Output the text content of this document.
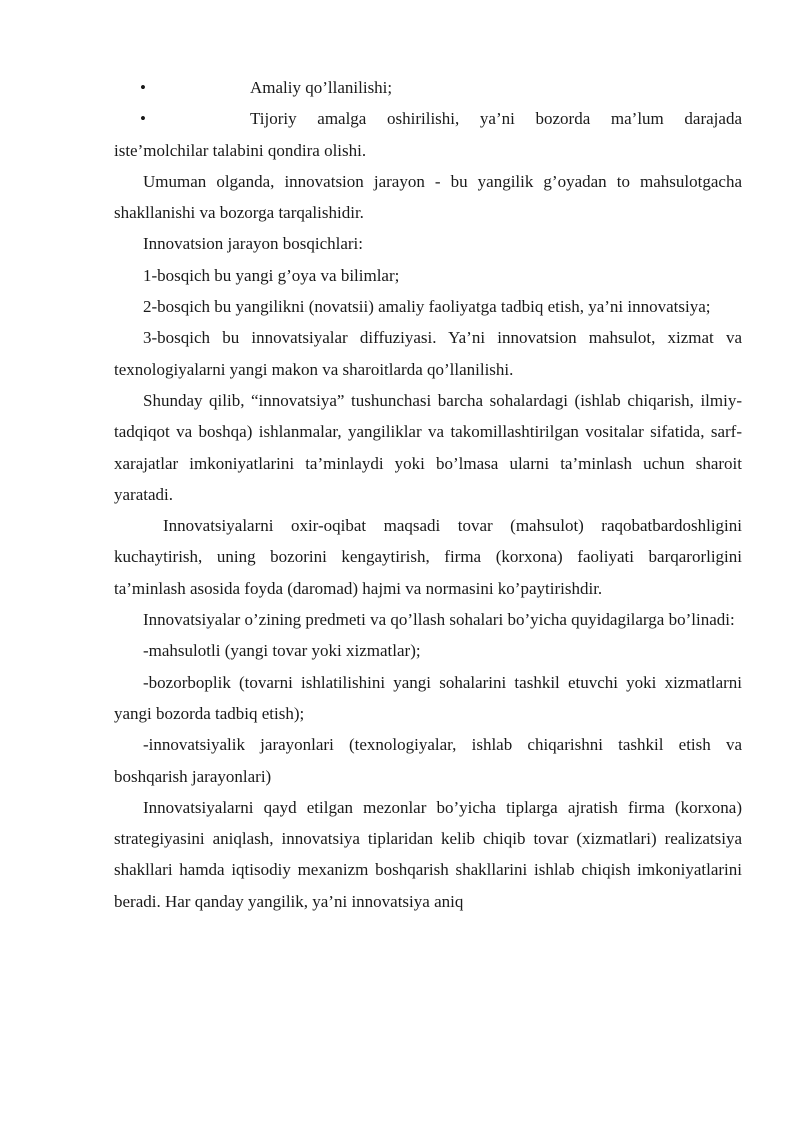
•	Amaliy qo’llanilishi;
•	Tijoriy amalga oshirilishi, ya’ni bozorda ma’lum darajada iste’molchilar talabini qondira olishi.

Umuman olganda, innovatsion jarayon - bu yangilik g’oyadan to mahsulotgacha shakllanishi va bozorga tarqalishidir.

Innovatsion jarayon bosqichlari:

1-bosqich bu yangi g’oya va bilimlar;

2-bosqich bu yangilikni (novatsii) amaliy faoliyatga tadbiq etish, ya’ni innovatsiya;

3-bosqich bu innovatsiyalar diffuziyasi. Ya’ni innovatsion mahsulot, xizmat va texnologiyalarni yangi makon va sharoitlarda qo’llanilishi.

Shunday qilib, “innovatsiya” tushunchasi barcha sohalardagi (ishlab chiqarish, ilmiy-tadqiqot va boshqa) ishlanmalar, yangiliklar va takomillashtirilgan vositalar sifatida, sarf-xarajatlar imkoniyatlarini ta’minlaydi yoki bo’lmasa ularni ta’minlash uchun sharoit yaratadi.

Innovatsiyalarni oxir-oqibat maqsadi tovar (mahsulot) raqobatbardoshligini kuchaytirish, uning bozorini kengaytirish, firma (korxona) faoliyati barqarorligini ta’minlash asosida foyda (daromad) hajmi va normasini ko’paytirishdir.

Innovatsiyalar o’zining predmeti va qo’llash sohalari bo’yicha quyidagilarga bo’linadi:

-mahsulotli (yangi tovar yoki xizmatlar);

-bozorboplik (tovarni ishlatilishini yangi sohalarini tashkil etuvchi yoki xizmatlarni yangi bozorda tadbiq etish);

-innovatsiyalik jarayonlari (texnologiyalar, ishlab chiqarishni tashkil etish va boshqarish jarayonlari)

Innovatsiyalarni qayd etilgan mezonlar bo’yicha tiplarga ajratish firma (korxona) strategiyasini aniqlash, innovatsiya tiplaridan kelib chiqib tovar (xizmatlari) realizatsiya shakllari hamda iqtisodiy mexanizm boshqarish shakllarini ishlab chiqish imkoniyatlarini beradi. Har qanday yangilik, ya’ni innovatsiya aniq
